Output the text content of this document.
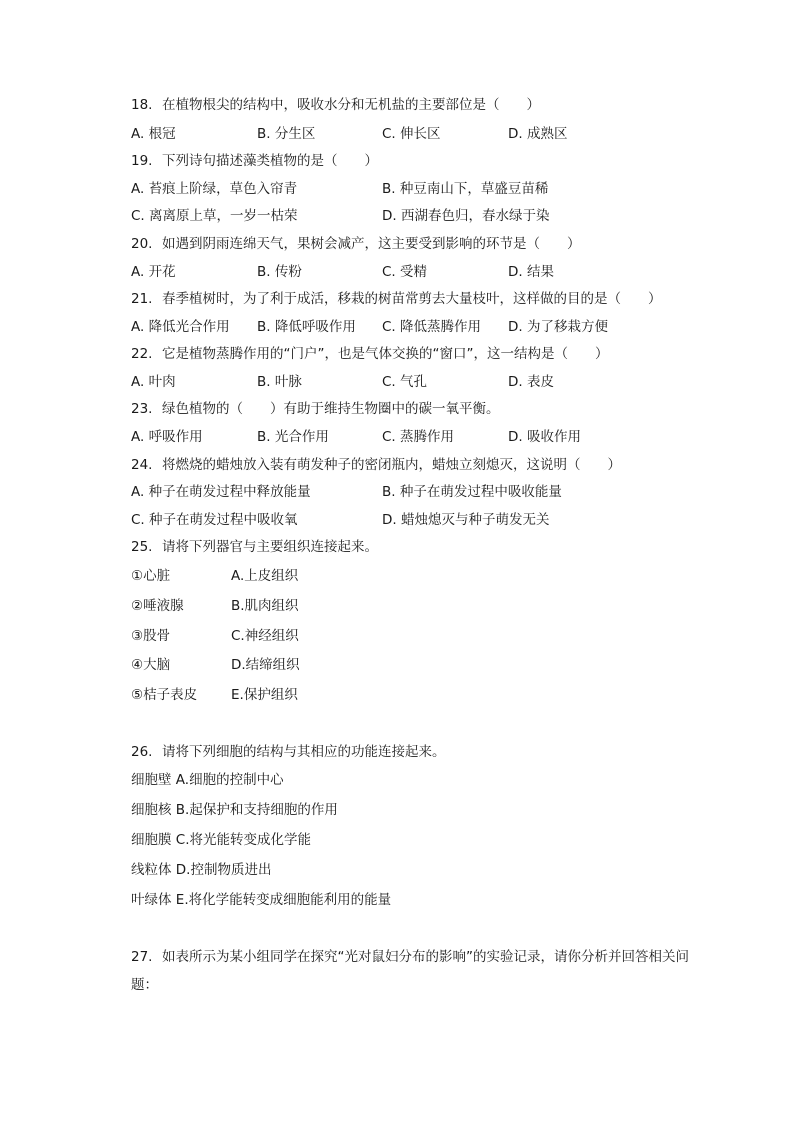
18. 在植物根尖的结构中，吸收水分和无机盐的主要部位是（　　）
A. 根冠	B. 分生区	C. 伸长区	D. 成熟区
19. 下列诗句描述藻类植物的是（　　）
A. 苔痕上阶绿，草色入帘青	B. 种豆南山下，草盛豆苗稀
C. 离离原上草，一岁一枯荣	D. 西湖春色归，春水绿于染
20. 如遇到阴雨连绵天气，果树会减产，这主要受到影响的环节是（　　）
A. 开花	B. 传粉	C. 受精	D. 结果
21. 春季植树时，为了利于成活，移栽的树苗常剪去大量枝叶，这样做的目的是（　　）
A. 降低光合作用 B. 降低呼吸作用 C. 降低蒸腾作用 D. 为了移栽方便
22. 它是植物蒸腾作用的“门户”，也是气体交换的“窗口”，这一结构是（　　）
A. 叶肉	B. 叶脉	C. 气孔	D. 表皮
23. 绿色植物的（　　）有助于维持生物圈中的碳一氧平衡。
A. 呼吸作用	B. 光合作用	C. 蒸腾作用	D. 吸收作用
24. 将燃烧的蜡烛放入装有萌发种子的密闭瓶内，蜡烛立刻熄灭，这说明（　　）
A. 种子在萌发过程中释放能量	B. 种子在萌发过程中吸收能量
C. 种子在萌发过程中吸收氧	D. 蜡烛熄灭与种子萌发无关
25. 请将下列器官与主要组织连接起来。
①心脏	A.上皮组织
②唾液腺	B.肌肉组织
③股骨	C.神经组织
④大脑	D.结缔组织
⑤桔子表皮	E.保护组织
26. 请将下列细胞的结构与其相应的功能连接起来。
细胞壁 A.细胞的控制中心
细胞核 B.起保护和支持细胞的作用
细胞膜 C.将光能转变成化学能
线粒体 D.控制物质进出
叶绿体 E.将化学能转变成细胞能利用的能量
27. 如表所示为某小组同学在探究“光对鼠妇分布的影响”的实验记录，请你分析并回答相关问题：
